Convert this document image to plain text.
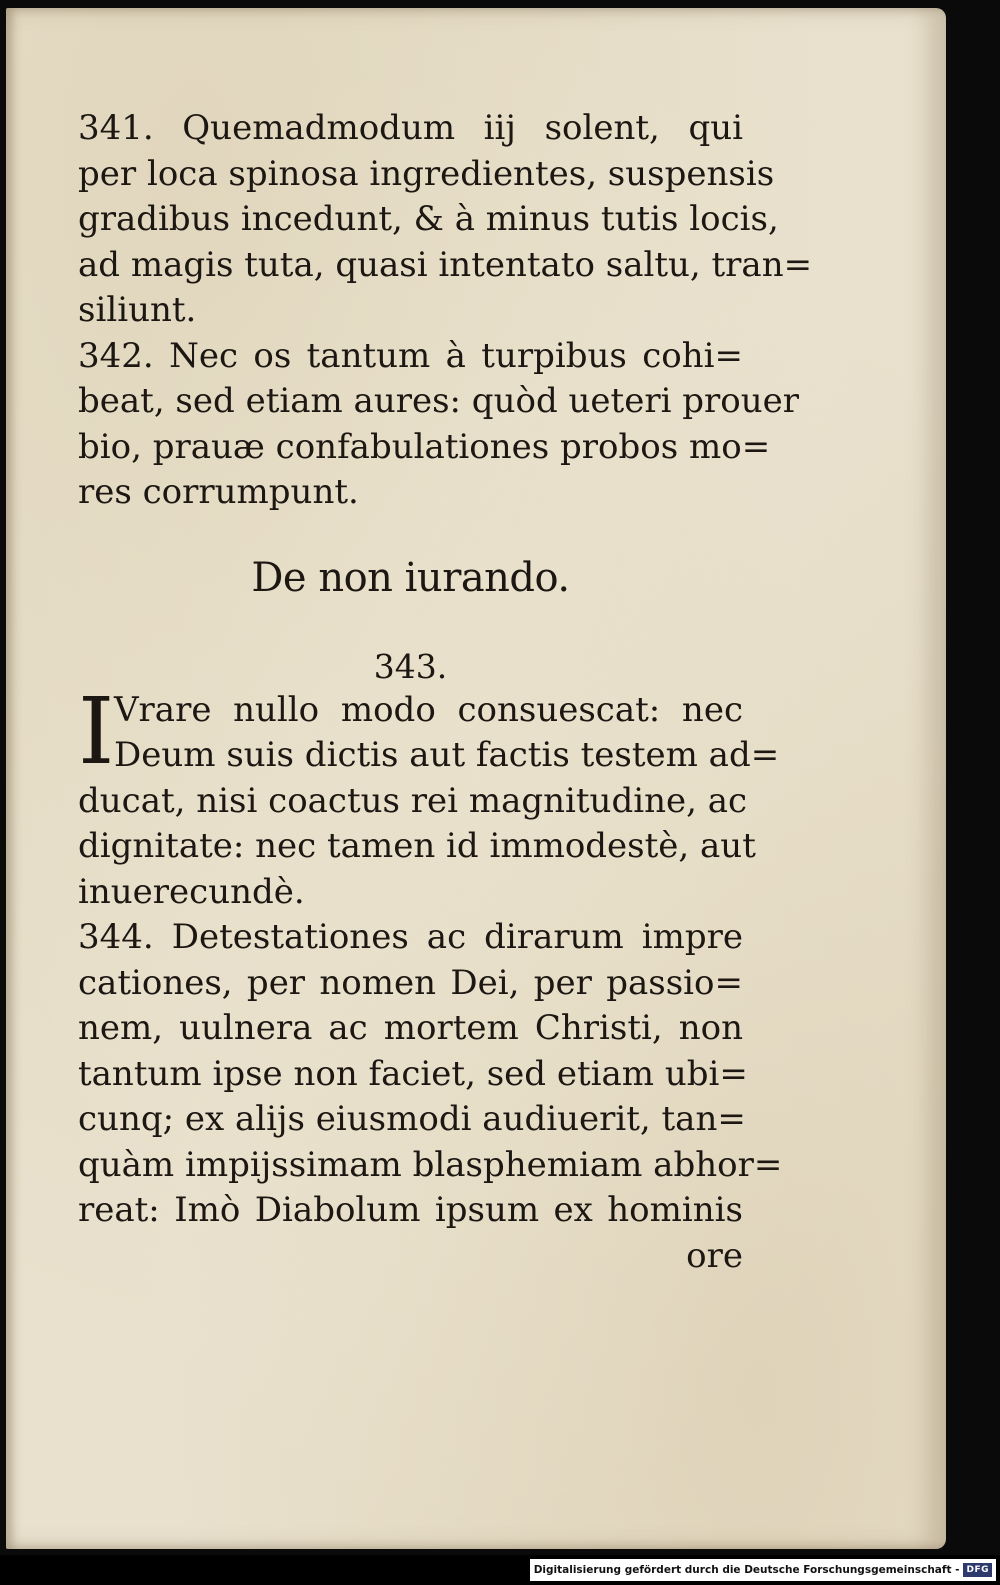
341. Quemadmodum iij solent, qui
per loca spinosa ingredientes, suspensis
gradibus incedunt, & à minus tutis locis,
ad magis tuta, quasi intentato saltu, tran=
siliunt.
342. Nec os tantum à turpibus cohi=
beat, sed etiam aures: quòd ueteri prouer
bio, prauæ confabulationes probos mo=
res corrumpunt.
De non iurando.
343.
I Vrare nullo modo consuescat: nec
Deum suis dictis aut factis testem ad=
ducat, nisi coactus rei magnitudine, ac
dignitate: nec tamen id immodestè, aut
inuerecundè.
344. Detestationes ac dirarum impre
cationes, per nomen Dei, per passio=
nem, uulnera ac mortem Christi, non
tantum ipse non faciet, sed etiam ubi=
cunq; ex alijs eiusmodi audiuerit, tan=
quàm impijssimam blasphemiam abhor=
reat: Imò Diabolum ipsum ex hominis
ore
Digitalisierung gefördert durch die Deutsche Forschungsgemeinschaft - DFG
